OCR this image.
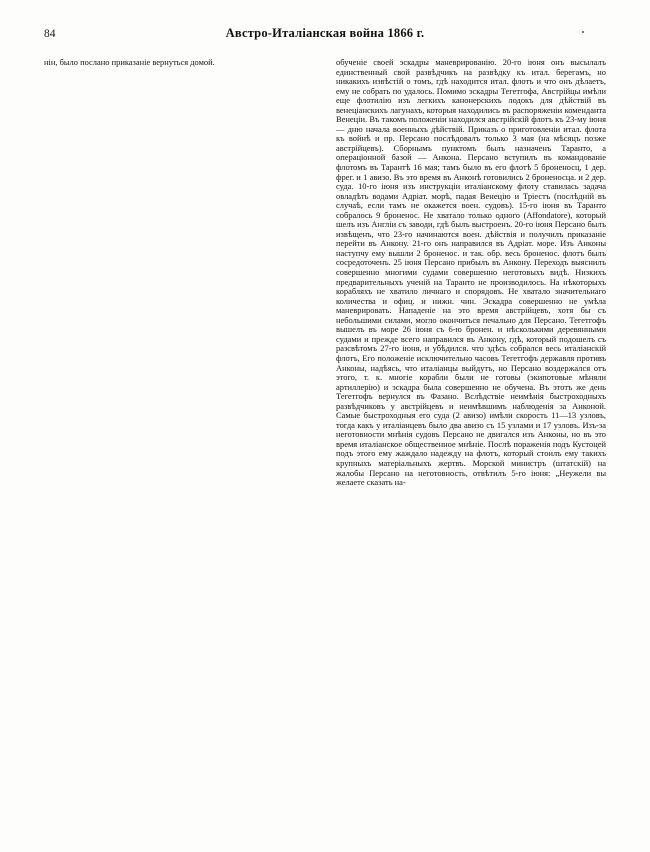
84	Австро-Италіанская война 1866 г.

нін, было послано приказанie вернуться домой.	обученіе своей эскадры маневрированію. 20-го іюня онъ высылалъ единственный свой развѣдчикъ на развѣдку къ итал. берегамъ, но никакихъ извѣстій о томъ, гдѣ находится итал. флотъ и что онъ дѣлаетъ, ему не собрать по удалось. Помимо эскадры Тегетгофа, Австрійцы имѣли еще флотилію изъ легкихъ канонерскихъ лодокъ для дѣйствій въ венеціанскихъ лагунахъ, которыя находились въ распоряженіи коменданта Венеціи. Въ такомъ положеніи находился австрійскій флотъ къ 23-му іюня — дню начала военныхъ дѣйствій. Приказъ о приготовленіи итал. флота къ войнѣ и пр. Персано послѣдовалъ только 3 мая (на мѣсяцъ позже австрійцевъ). Сборнымъ пунктомъ былъ назначенъ Таранто, а операціонной базой — Анкона. Персано вступилъ въ командованіе флотомъ въ Тарантѣ 16 мая; тамъ было въ его флотѣ 5 броненосц, 1 дер. фрег. и 1 авизо. Въ это время въ Анконѣ готовились 2 броненосца. и 2 дер. суда. 10-го іюня изъ инструкціи италіанскому флоту ставилась задача овладѣть водами Адріат. морѣ, падая Венецію и Тріестъ (послѣдній въ случаѣ, если тамъ не окажется воен. судовъ). 15-го іюня въ Таранто собралось 9 броненос. Не хватало только одного (Affondatore), который шелъ изъ Англіи съ заводи, гдѣ былъ выстроенъ. 20-го іюня Персано былъ извѣщенъ, что 23-го начинаются воен. дѣйствія и получилъ приказаніе перейти въ Анкону. 21-го онъ направился въ Адріат. море. Изъ Анконы наступчу ему вышли 2 броненос. и так. обр. весь броненос. флотъ былъ сосредоточенъ. 25 іюня Персано прибылъ въ Анкону. Переходъ выяснилъ совершенно многими судами совершенно неготовыхъ видѣ. Низкихъ предварительныхъ ученій на Таранто не производилось. На нѣкоторыхъ корабляхъ не хватило личнаго и спорядовъ. Не хватало значительнаго количества и офиц. и нижн. чин. Эскадра совершенно не умѣла маневрировать. Нападеніе на это время австрійцевъ, хотя бы съ небольшими силами, могло окончиться печально для Персано. Тегетгофъ вышелъ въ море 26 іюня съ 6-ю бронен. и нѣсколькими деревянными судами и прежде всего направился въ Анкону, гдѣ, который подошелъ съ разсвѣтомъ 27-го іюня, и убѣдился. что здѣсь собрался весь италіанскій флотъ, Его положеніе исключительно часовъ Тегетгофъ державля противъ Анконы, надѣясь, что италіанцы выйдутъ, но Персано воздержался отъ этого, т. к. многіе корабли были не готовы (экипотовые мѣняли артиллерію) и эскадра была совершенно не обучена. Въ этотъ же день Тегетгофъ вернулся въ Фазано. Вслѣдствіе неимѣнія быстроходныхъ развѣдчиковъ у австрійцевъ и неимѣвшимъ наблюденія за Анконой. Самые быстроходныя его суда (2 авизо) имѣли скорость 11—13 узловъ, тогда какъ у италіанцевъ было два авизо съ 15 узлами и 17 узловъ. Изъ-за неготовности мнѣнія судовъ Персано не двигался изъ Анконы, но въ это время италіанское общественное мнѣніе. Послѣ пораженія подъ Кустоцей подъ этого ему жаждало надежду на флотъ, который стоилъ ему такихъ крупныхъ матеріальныхъ жертвъ. Морской министръ (штатскій) на жалобы Персано на неготовность, отвѣтилъ 5-го іюня: „Неужели вы желаете сказать на-
